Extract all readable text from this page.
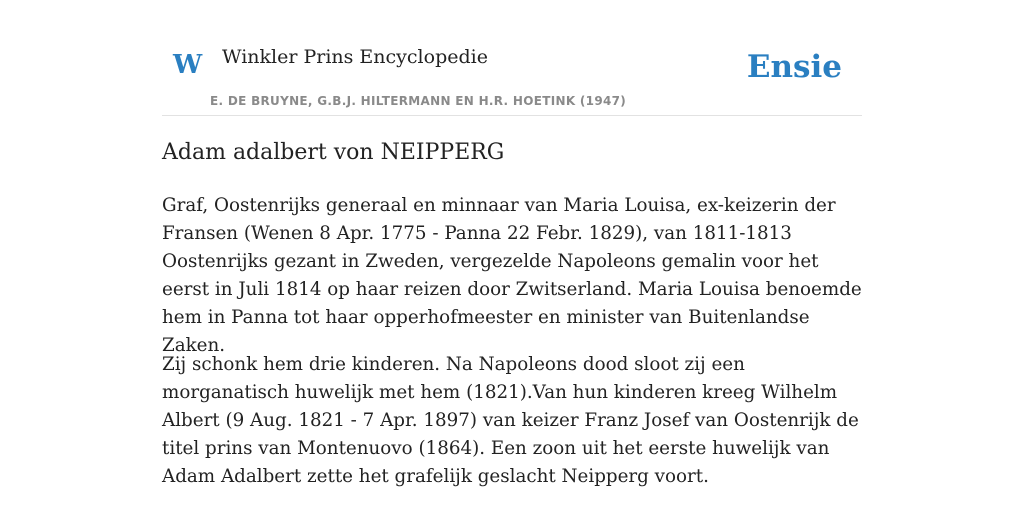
W Winkler Prins Encyclopedie
E. DE BRUYNE, G.B.J. HILTERMANN EN H.R. HOETINK (1947)
Ensie
Adam adalbert von NEIPPERG

Graf, Oostenrijks generaal en minnaar van Maria Louisa, ex-keizerin der Fransen (Wenen 8 Apr. 1775 - Panna 22 Febr. 1829), van 1811-1813 Oostenrijks gezant in Zweden, vergezelde Napoleons gemalin voor het eerst in Juli 1814 op haar reizen door Zwitserland. Maria Louisa benoemde hem in Panna tot haar opperhofmeester en minister van Buitenlandse Zaken.

Zij schonk hem drie kinderen. Na Napoleons dood sloot zij een morganatisch huwelijk met hem (1821).Van hun kinderen kreeg Wilhelm Albert (9 Aug. 1821 - 7 Apr. 1897) van keizer Franz Josef van Oostenrijk de titel prins van Montenuovo (1864). Een zoon uit het eerste huwelijk van Adam Adalbert zette het grafelijk geslacht Neipperg voort.
